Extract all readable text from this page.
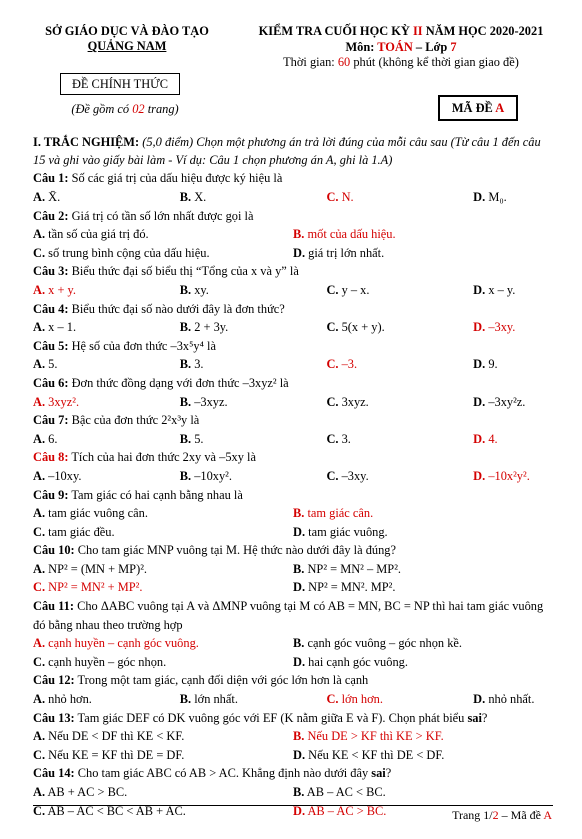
SỞ GIÁO DỤC VÀ ĐÀO TẠO
QUẢNG NAM
ĐỀ CHÍNH THỨC
(Đề gồm có 02 trang)
KIỂM TRA CUỐI HỌC KỲ II NĂM HỌC 2020-2021
Môn: TOÁN – Lớp 7
Thời gian: 60 phút (không kể thời gian giao đề)
MÃ ĐỀ A
I. TRẮC NGHIỆM: (5,0 điểm) Chọn một phương án trả lời đúng của mỗi câu sau (Từ câu 1 đến câu 15 và ghi vào giấy bài làm - Ví dụ: Câu 1 chọn phương án A, ghi là 1.A)
Câu 1: Số các giá trị của dấu hiệu được ký hiệu là
A. X̄.	B. X.	C. N.	D. M₀.
Câu 2: Giá trị có tần số lớn nhất được gọi là
A. tần số của giá trị đó.	B. mốt của dấu hiệu.
C. số trung bình cộng của dấu hiệu.	D. giá trị lớn nhất.
Câu 3: Biểu thức đại số biểu thị “Tổng của x và y” là
A. x + y.	B. xy.	C. y – x.	D. x – y.
Câu 4: Biểu thức đại số nào dưới đây là đơn thức?
A. x – 1.	B. 2 + 3y.	C. 5(x + y).	D. –3xy.
Câu 5: Hệ số của đơn thức –3x⁵y⁴ là
A. 5.	B. 3.	C. –3.	D. 9.
Câu 6: Đơn thức đồng dạng với đơn thức –3xyz² là
A. 3xyz².	B. –3xyz.	C. 3xyz.	D. –3xy²z.
Câu 7: Bậc của đơn thức 2²x³y là
A. 6.	B. 5.	C. 3.	D. 4.
Câu 8: Tích của hai đơn thức 2xy và –5xy là
A. –10xy.	B. –10xy².	C. –3xy.	D. –10x²y².
Câu 9: Tam giác có hai cạnh bằng nhau là
A. tam giác vuông cân.	B. tam giác cân.
C. tam giác đều.	D. tam giác vuông.
Câu 10: Cho tam giác MNP vuông tại M. Hệ thức nào dưới đây là đúng?
A. NP² = (MN + MP)².	B. NP² = MN² – MP².
C. NP² = MN² + MP².	D. NP² = MN². MP².
Câu 11: Cho ΔABC vuông tại A và ΔMNP vuông tại M có AB = MN, BC = NP thì hai tam giác vuông đó bằng nhau theo trường hợp
A. cạnh huyền – cạnh góc vuông.	B. cạnh góc vuông – góc nhọn kề.
C. cạnh huyền – góc nhọn.	D. hai cạnh góc vuông.
Câu 12: Trong một tam giác, cạnh đối diện với góc lớn hơn là cạnh
A. nhỏ hơn.	B. lớn nhất.	C. lớn hơn.	D. nhỏ nhất.
Câu 13: Tam giác DEF có DK vuông góc với EF (K nằm giữa E và F). Chọn phát biểu sai?
A. Nếu DE < DF thì KE < KF.	B. Nếu DE > KF thì KE > KF.
C. Nếu KE = KF thì DE = DF.	D. Nếu KE < KF thì DE < DF.
Câu 14: Cho tam giác ABC có AB > AC. Khẳng định nào dưới đây sai?
A. AB + AC > BC.	B. AB – AC < BC.
C. AB – AC < BC < AB + AC.	D. AB – AC > BC.	Trang 1/2 – Mã đề A
